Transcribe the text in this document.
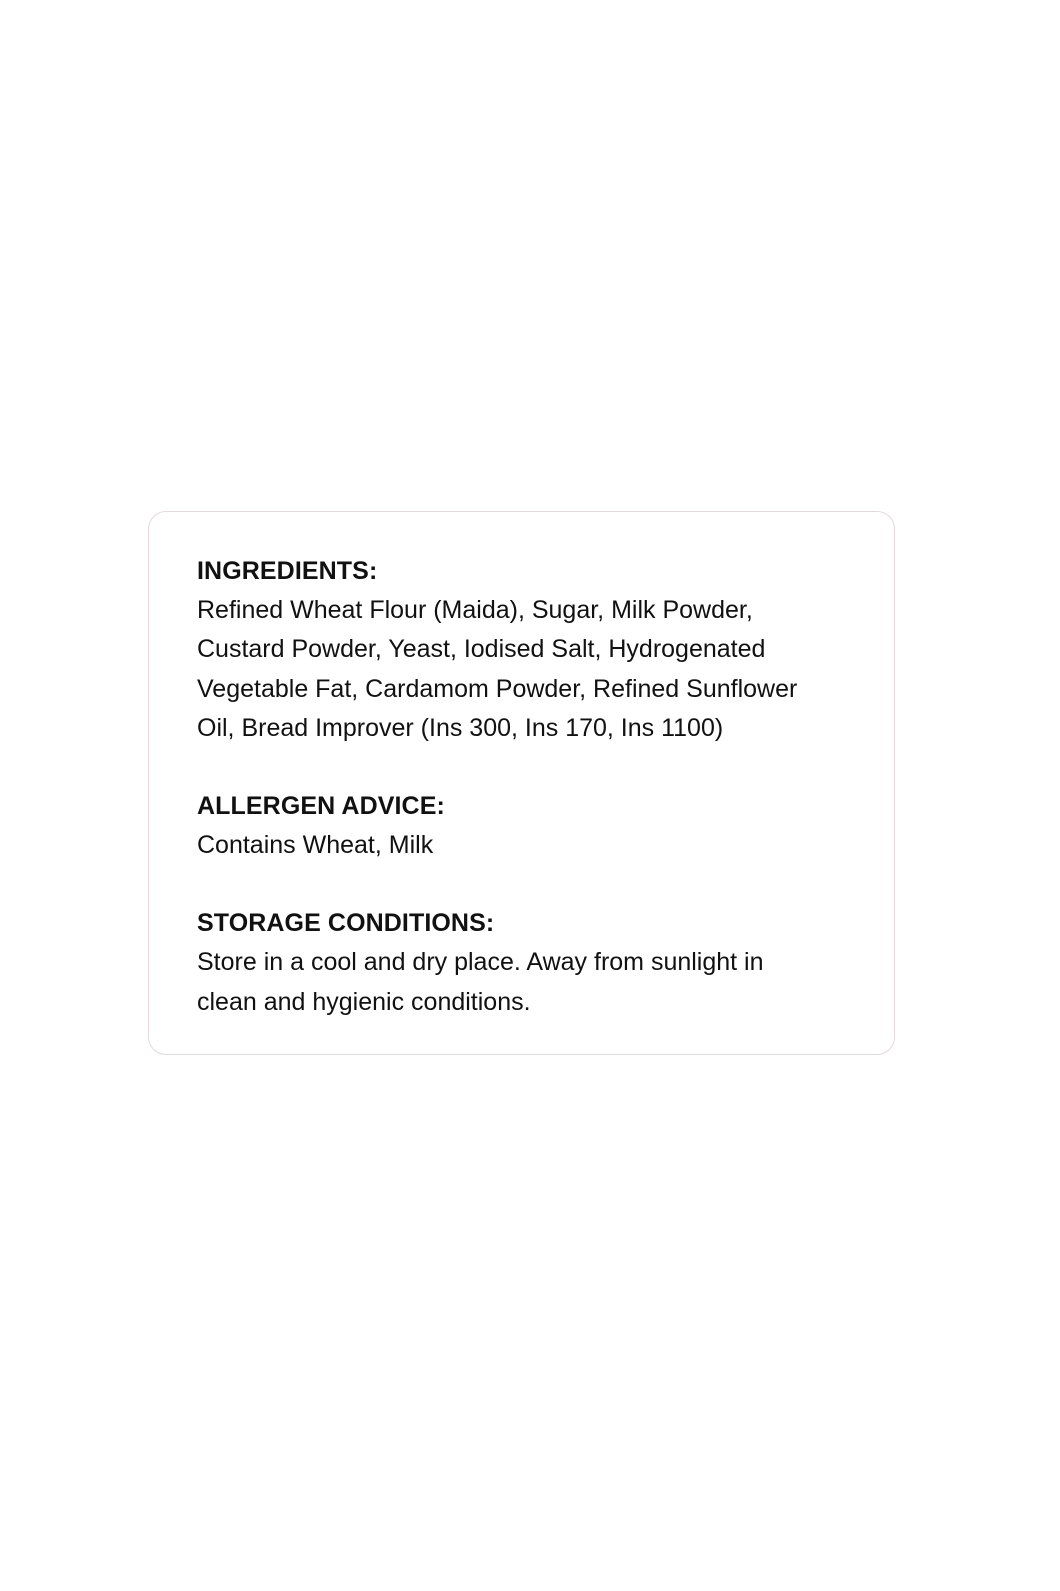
INGREDIENTS:

Refined Wheat Flour (Maida), Sugar, Milk Powder,
Custard Powder, Yeast, Iodised Salt, Hydrogenated
Vegetable Fat, Cardamom Powder, Refined Sunflower
Oil, Bread Improver (Ins 300, Ins 170, Ins 1100)

ALLERGEN ADVICE:

Contains Wheat, Milk

STORAGE CONDITIONS:

Store in a cool and dry place. Away from sunlight in
clean and hygienic conditions.
